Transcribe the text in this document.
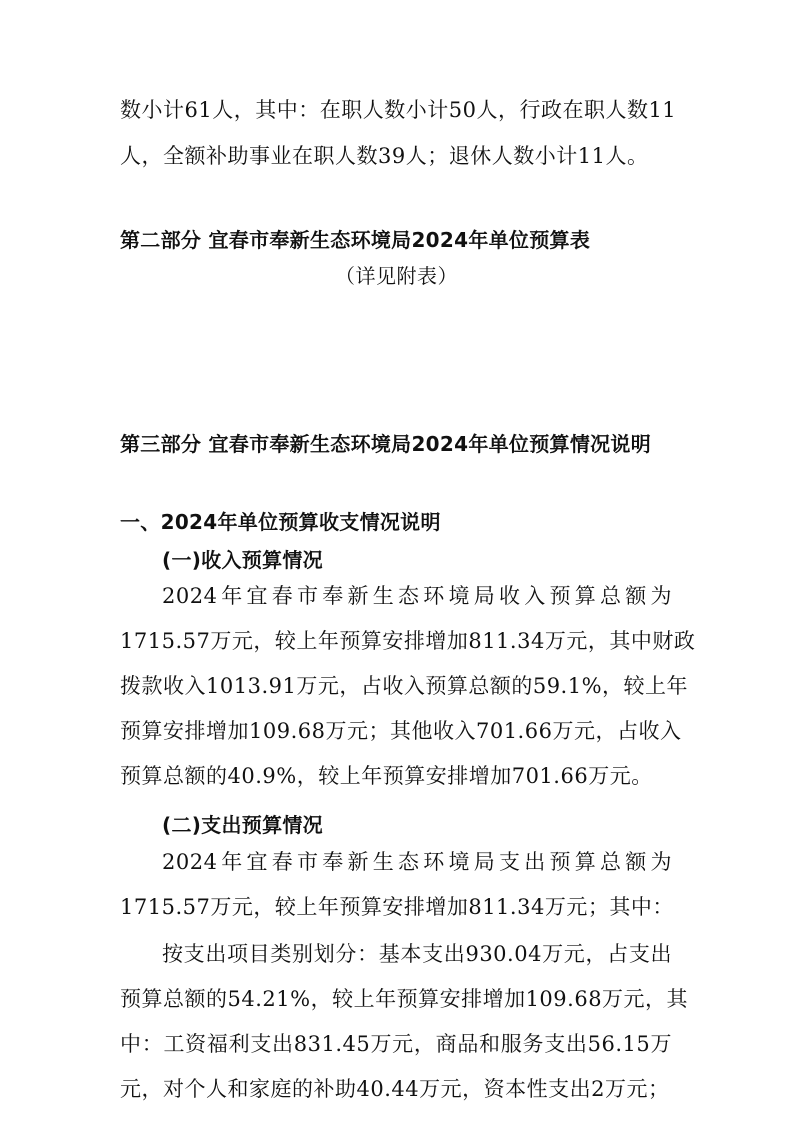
数小计61人，其中：在职人数小计50人，行政在职人数11
人，全额补助事业在职人数39人；退休人数小计11人。
第二部分 宜春市奉新生态环境局2024年单位预算表
（详见附表）
第三部分 宜春市奉新生态环境局2024年单位预算情况说明
一、2024年单位预算收支情况说明
(一)收入预算情况
2024年宜春市奉新生态环境局收入预算总额为
1715.57万元，较上年预算安排增加811.34万元，其中财政
拨款收入1013.91万元，占收入预算总额的59.1%，较上年
预算安排增加109.68万元；其他收入701.66万元，占收入
预算总额的40.9%，较上年预算安排增加701.66万元。
(二)支出预算情况
2024年宜春市奉新生态环境局支出预算总额为
1715.57万元，较上年预算安排增加811.34万元；其中：
按支出项目类别划分：基本支出930.04万元，占支出
预算总额的54.21%，较上年预算安排增加109.68万元，其
中：工资福利支出831.45万元，商品和服务支出56.15万
元，对个人和家庭的补助40.44万元，资本性支出2万元；
